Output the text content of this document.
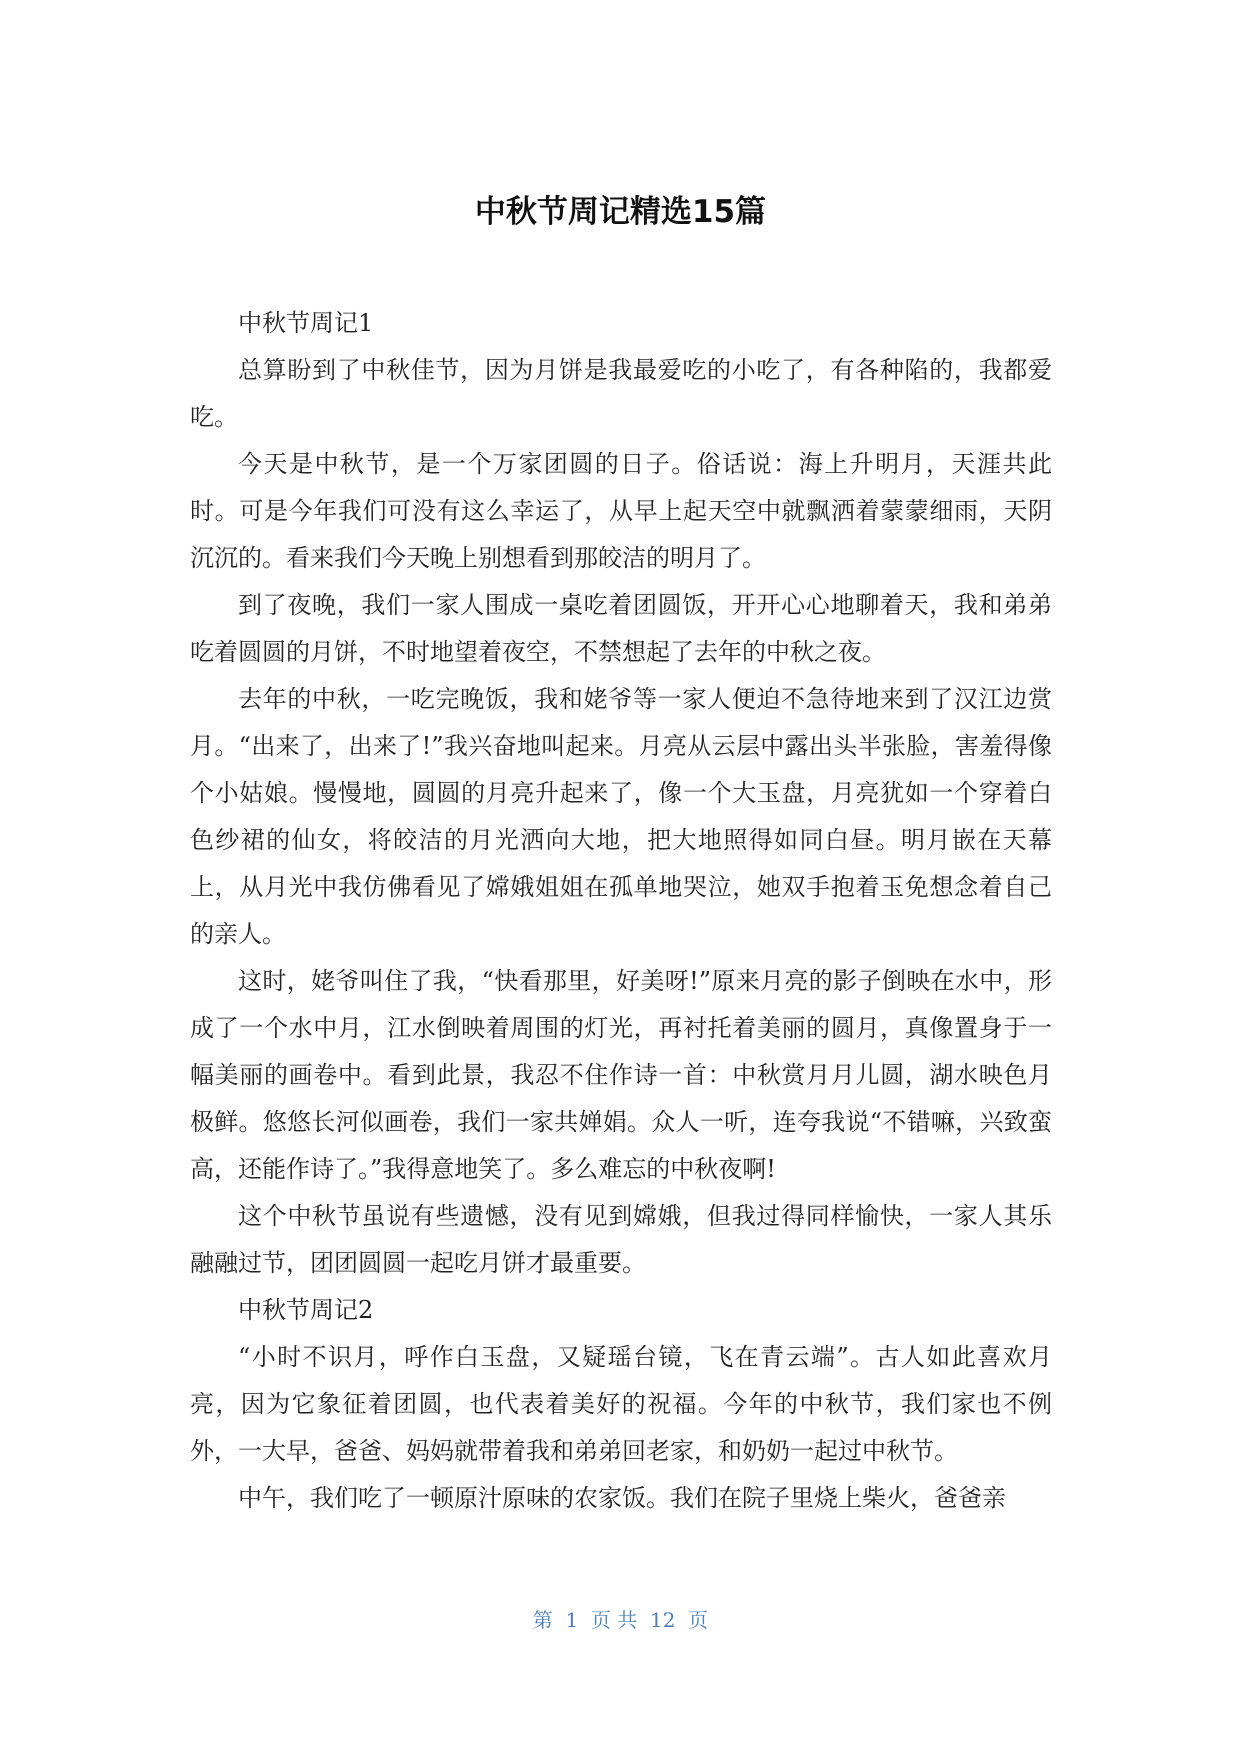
中秋节周记精选15篇

中秋节周记1

总算盼到了中秋佳节，因为月饼是我最爱吃的小吃了，有各种陷的，我都爱吃。

今天是中秋节，是一个万家团圆的日子。俗话说：海上升明月，天涯共此时。可是今年我们可没有这么幸运了，从早上起天空中就飘洒着蒙蒙细雨，天阴沉沉的。看来我们今天晚上别想看到那皎洁的明月了。

到了夜晚，我们一家人围成一桌吃着团圆饭，开开心心地聊着天，我和弟弟吃着圆圆的月饼，不时地望着夜空，不禁想起了去年的中秋之夜。

去年的中秋，一吃完晚饭，我和姥爷等一家人便迫不急待地来到了汉江边赏月。“出来了，出来了!”我兴奋地叫起来。月亮从云层中露出头半张脸，害羞得像个小姑娘。慢慢地，圆圆的月亮升起来了，像一个大玉盘，月亮犹如一个穿着白色纱裙的仙女，将皎洁的月光洒向大地，把大地照得如同白昼。明月嵌在天幕上，从月光中我仿佛看见了嫦娥姐姐在孤单地哭泣，她双手抱着玉免想念着自己的亲人。

这时，姥爷叫住了我，“快看那里，好美呀!”原来月亮的影子倒映在水中，形成了一个水中月，江水倒映着周围的灯光，再衬托着美丽的圆月，真像置身于一幅美丽的画卷中。看到此景，我忍不住作诗一首：中秋赏月月儿圆，湖水映色月极鲜。悠悠长河似画卷，我们一家共婵娟。众人一听，连夸我说“不错嘛，兴致蛮高，还能作诗了。”我得意地笑了。多么难忘的中秋夜啊!

这个中秋节虽说有些遗憾，没有见到嫦娥，但我过得同样愉快，一家人其乐融融过节，团团圆圆一起吃月饼才最重要。

中秋节周记2

“小时不识月，呼作白玉盘，又疑瑶台镜，飞在青云端”。古人如此喜欢月亮，因为它象征着团圆，也代表着美好的祝福。今年的中秋节，我们家也不例外，一大早，爸爸、妈妈就带着我和弟弟回老家，和奶奶一起过中秋节。

中午，我们吃了一顿原汁原味的农家饭。我们在院子里烧上柴火，爸爸亲

第  1  页 共  12  页
